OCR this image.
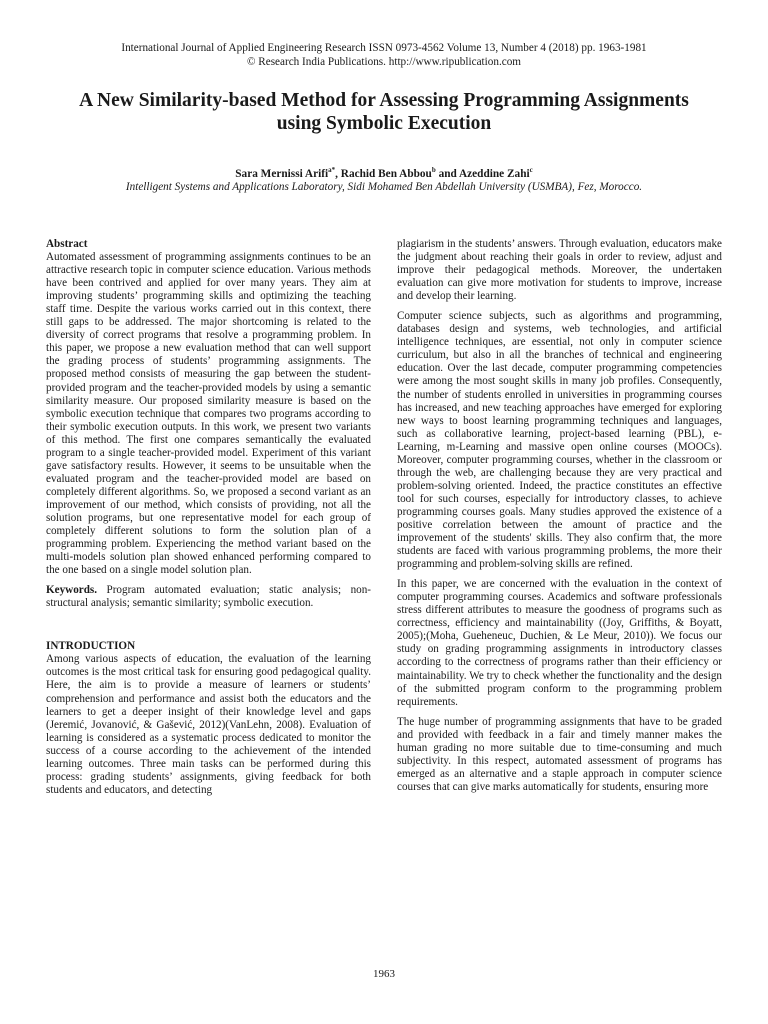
International Journal of Applied Engineering Research ISSN 0973-4562 Volume 13, Number 4 (2018) pp. 1963-1981
© Research India Publications. http://www.ripublication.com
A New Similarity-based Method for Assessing Programming Assignments
using Symbolic Execution
Sara Mernissi Arifi$^{a*}$, Rachid Ben Abbou$^b$ and Azeddine Zahi$^c$
Intelligent Systems and Applications Laboratory, Sidi Mohamed Ben Abdellah University (USMBA), Fez, Morocco.

Abstract

Automated assessment of programming assignments continues to be an attractive research topic in computer science education. Various methods have been contrived and applied for over many years. They aim at improving students’ programming skills and optimizing the teaching staff time. Despite the various works carried out in this context, there still gaps to be addressed. The major shortcoming is related to the diversity of correct programs that resolve a programming problem. In this paper, we propose a new evaluation method that can well support the grading process of students’ programming assignments. The proposed method consists of measuring the gap between the student-provided program and the teacher-provided models by using a semantic similarity measure. Our proposed similarity measure is based on the symbolic execution technique that compares two programs according to their symbolic execution outputs. In this work, we present two variants of this method. The first one compares semantically the evaluated program to a single teacher-provided model. Experiment of this variant gave satisfactory results. However, it seems to be unsuitable when the evaluated program and the teacher-provided model are based on completely different algorithms. So, we proposed a second variant as an improvement of our method, which consists of providing, not all the solution programs, but one representative model for each group of completely different solutions to form the solution plan of a programming problem. Experiencing the method variant based on the multi-models solution plan showed enhanced performing compared to the one based on a single model solution plan.

Keywords. Program automated evaluation; static analysis; non-structural analysis; semantic similarity; symbolic execution.

INTRODUCTION

Among various aspects of education, the evaluation of the learning outcomes is the most critical task for ensuring good pedagogical quality. Here, the aim is to provide a measure of learners or students’ comprehension and performance and assist both the educators and the learners to get a deeper insight of their knowledge level and gaps (Jeremić, Jovanović, & Gašević, 2012)(VanLehn, 2008). Evaluation of learning is considered as a systematic process dedicated to monitor the success of a course according to the achievement of the intended learning outcomes. Three main tasks can be performed during this process: grading students’ assignments, giving feedback for both students and educators, and detecting

plagiarism in the students’ answers. Through evaluation, educators make the judgment about reaching their goals in order to review, adjust and improve their pedagogical methods. Moreover, the undertaken evaluation can give more motivation for students to improve, increase and develop their learning.

Computer science subjects, such as algorithms and programming, databases design and systems, web technologies, and artificial intelligence techniques, are essential, not only in computer science curriculum, but also in all the branches of technical and engineering education. Over the last decade, computer programming competencies were among the most sought skills in many job profiles. Consequently, the number of students enrolled in universities in programming courses has increased, and new teaching approaches have emerged for exploring new ways to boost learning programming techniques and languages, such as collaborative learning, project-based learning (PBL), e-Learning, m-Learning and massive open online courses (MOOCs). Moreover, computer programming courses, whether in the classroom or through the web, are challenging because they are very practical and problem-solving oriented. Indeed, the practice constitutes an effective tool for such courses, especially for introductory classes, to achieve programming courses goals. Many studies approved the existence of a positive correlation between the amount of practice and the improvement of the students' skills. They also confirm that, the more students are faced with various programming problems, the more their programming and problem-solving skills are refined.

In this paper, we are concerned with the evaluation in the context of computer programming courses. Academics and software professionals stress different attributes to measure the goodness of programs such as correctness, efficiency and maintainability ((Joy, Griffiths, & Boyatt, 2005);(Moha, Gueheneuc, Duchien, & Le Meur, 2010)). We focus our study on grading programming assignments in introductory classes according to the correctness of programs rather than their efficiency or maintainability. We try to check whether the functionality and the design of the submitted program conform to the programming problem requirements.

The huge number of programming assignments that have to be graded and provided with feedback in a fair and timely manner makes the human grading no more suitable due to time-consuming and much subjectivity. In this respect, automated assessment of programs has emerged as an alternative and a staple approach in computer science courses that can give marks automatically for students, ensuring more

1963
